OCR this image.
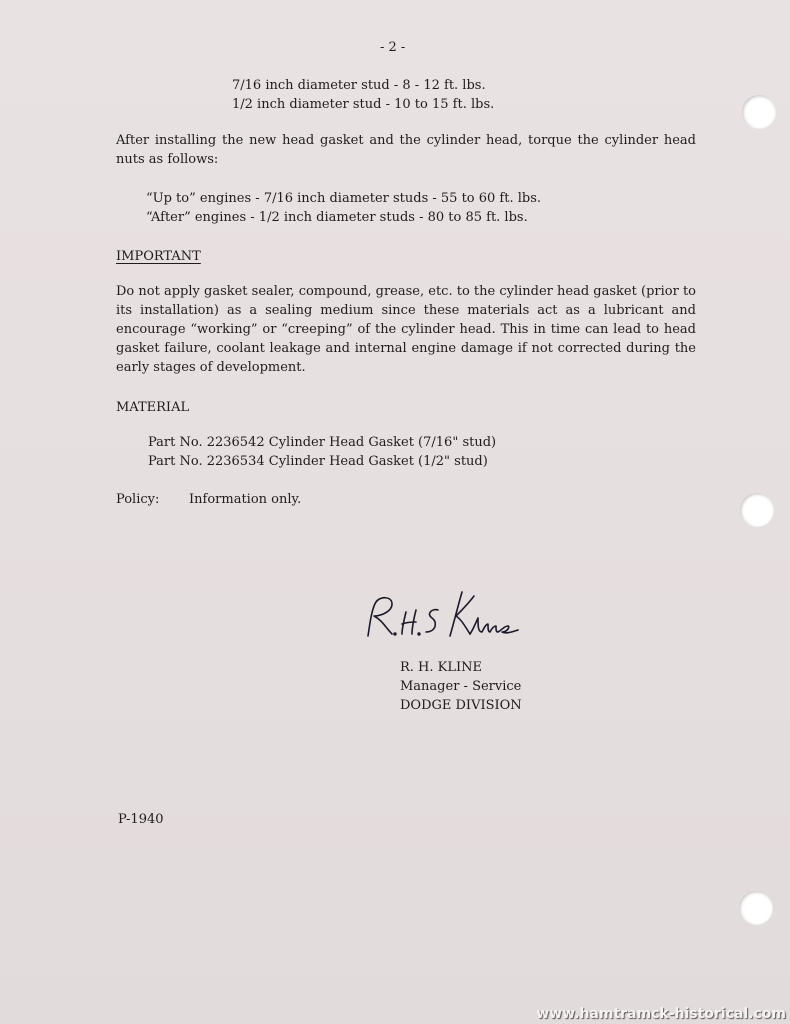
- 2 -
7/16 inch diameter stud - 8 - 12 ft. lbs.
1/2 inch diameter stud - 10 to 15 ft. lbs.
After installing the new head gasket and the cylinder head, torque the cylinder head nuts as follows:
“Up to” engines - 7/16 inch diameter studs - 55 to 60 ft. lbs.
“After” engines - 1/2 inch diameter studs - 80 to 85 ft. lbs.
IMPORTANT
Do not apply gasket sealer, compound, grease, etc. to the cylinder head gasket (prior to its installation) as a sealing medium since these materials act as a lubricant and encourage “working” or “creeping” of the cylinder head. This in time can lead to head gasket failure, coolant leakage and internal engine damage if not corrected during the early stages of development.
MATERIAL
Part No. 2236542 Cylinder Head Gasket (7/16" stud)
Part No. 2236534 Cylinder Head Gasket (1/2" stud)
Policy: Information only.
R. H. KLINE
Manager - Service
DODGE DIVISION
P-1940
www.hamtramck-historical.com
